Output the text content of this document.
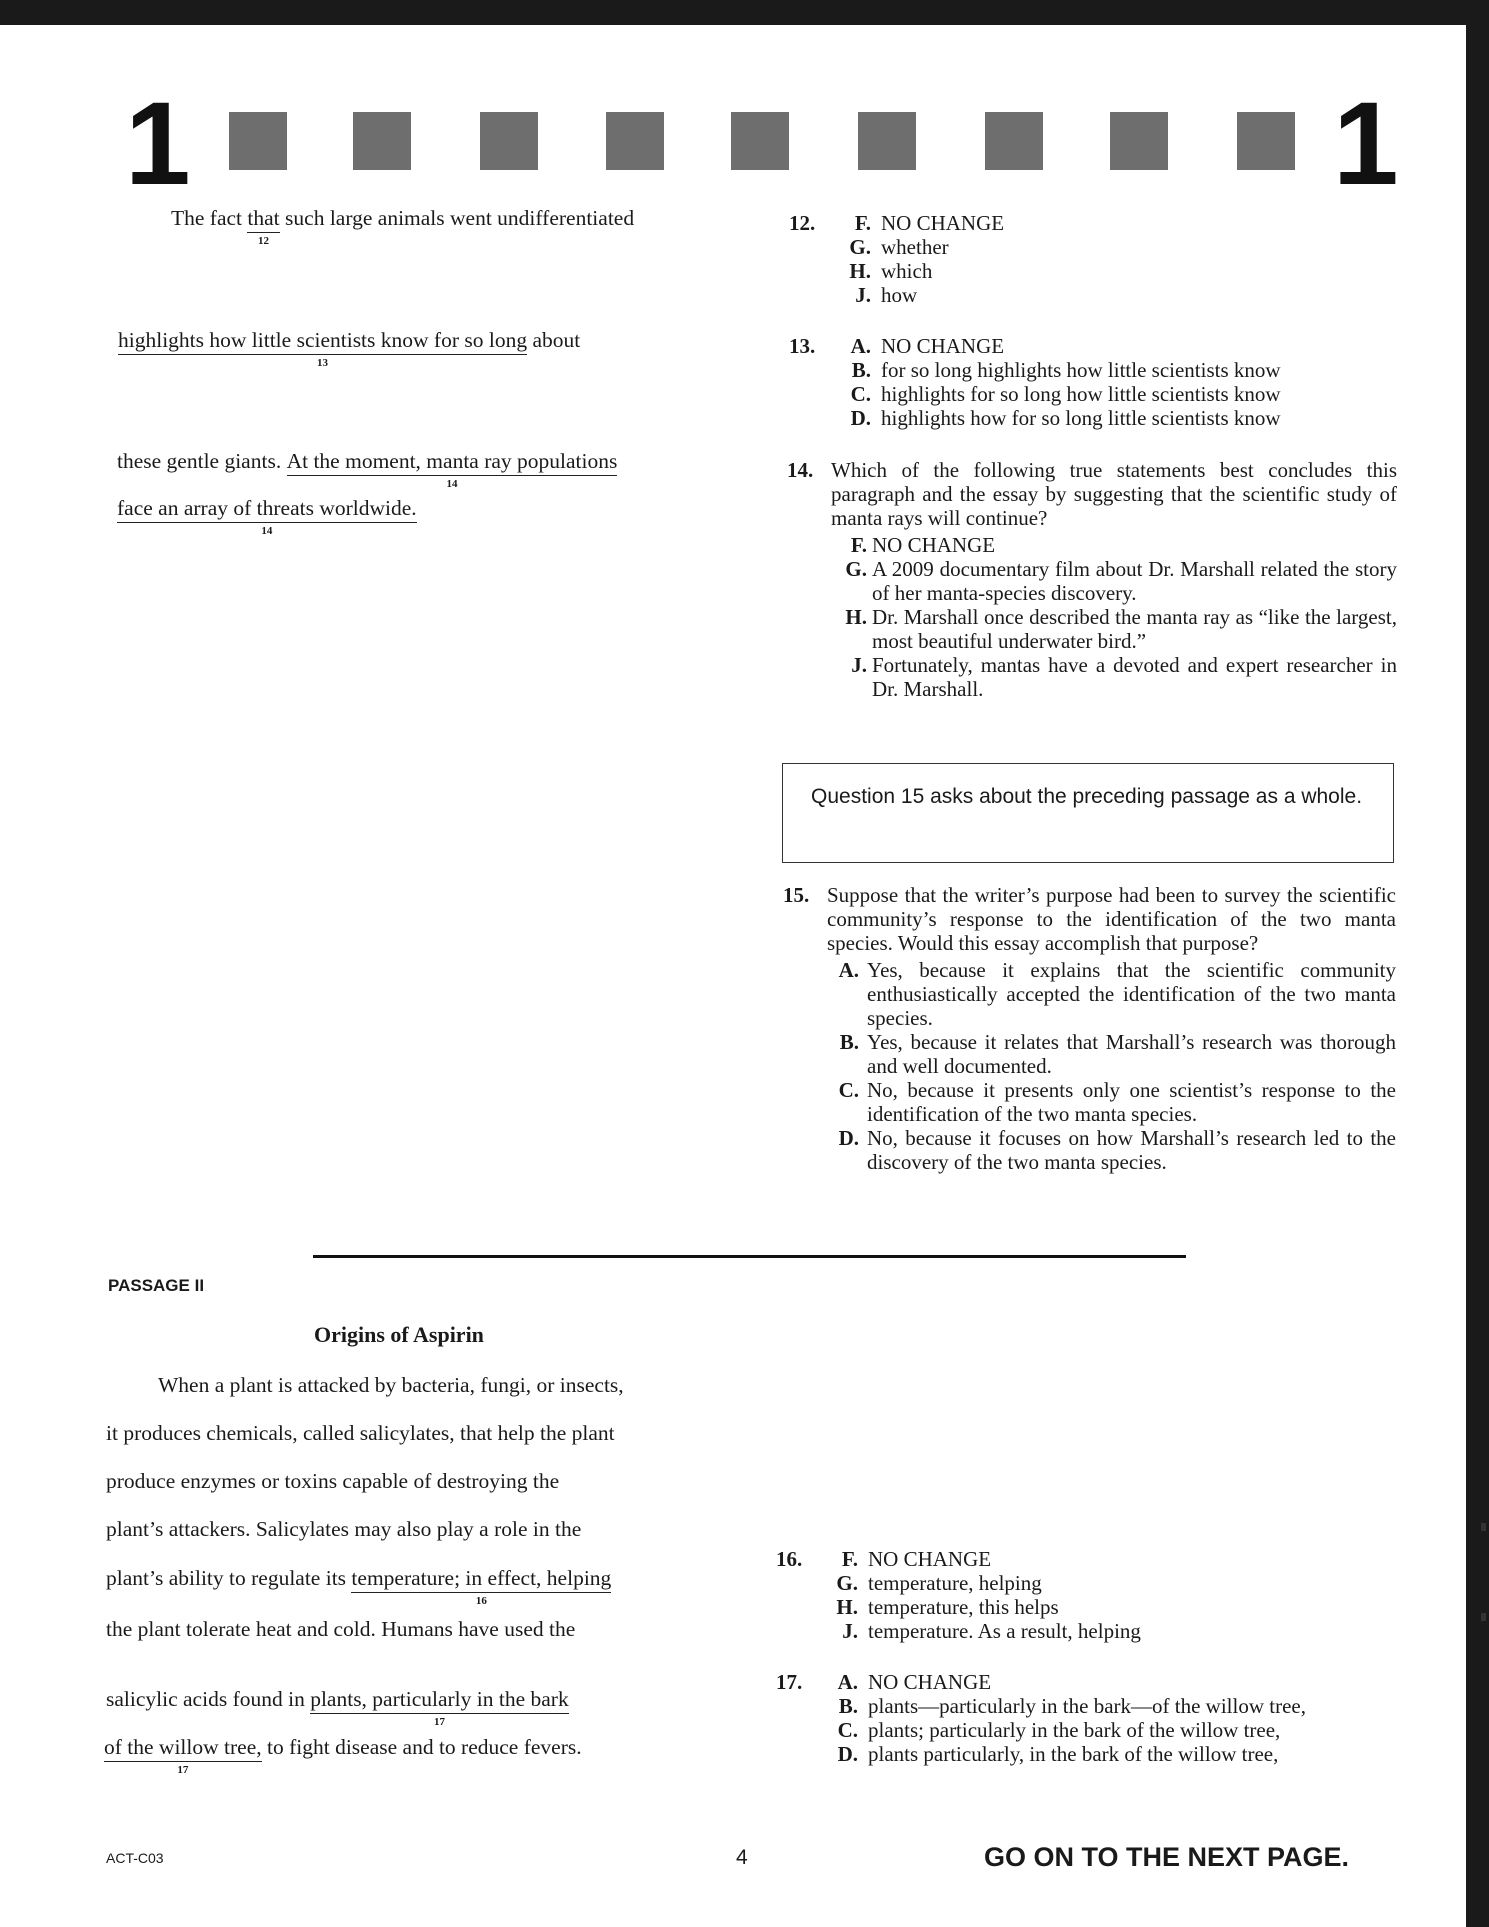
1	1
The fact that
12
such large animals went undifferentiated
highlights how little scientists know for so long
13
about
these gentle giants. At the moment, manta ray populations
14
face an array of threats worldwide.
14
12.	F. NO CHANGE
G. whether
H. which
J. how
13.	A. NO CHANGE
B. for so long highlights how little scientists know
C. highlights for so long how little scientists know
D. highlights how for so long little scientists know
14. Which of the following true statements best concludes this paragraph and the essay by suggesting that the scientific study of manta rays will continue?
F. NO CHANGE
G. A 2009 documentary film about Dr. Marshall related the story of her manta-species discovery.
H. Dr. Marshall once described the manta ray as “like the largest, most beautiful underwater bird.”
J. Fortunately, mantas have a devoted and expert researcher in Dr. Marshall.
Question 15 asks about the preceding passage as a whole.
15. Suppose that the writer’s purpose had been to survey the scientific community’s response to the identification of the two manta species. Would this essay accomplish that purpose?
A. Yes, because it explains that the scientific community enthusiastically accepted the identification of the two manta species.
B. Yes, because it relates that Marshall’s research was thorough and well documented.
C. No, because it presents only one scientist’s response to the identification of the two manta species.
D. No, because it focuses on how Marshall’s research led to the discovery of the two manta species.
PASSAGE II
Origins of Aspirin
When a plant is attacked by bacteria, fungi, or insects,
it produces chemicals, called salicylates, that help the plant
produce enzymes or toxins capable of destroying the
plant’s attackers. Salicylates may also play a role in the
plant’s ability to regulate its temperature; in effect, helping
16
the plant tolerate heat and cold. Humans have used the
salicylic acids found in plants, particularly in the bark
17
of the willow tree,
17
to fight disease and to reduce fevers.
16.	F. NO CHANGE
G. temperature, helping
H. temperature, this helps
J. temperature. As a result, helping
17.	A. NO CHANGE
B. plants—particularly in the bark—of the willow tree,
C. plants; particularly in the bark of the willow tree,
D. plants particularly, in the bark of the willow tree,
ACT-C03	4	GO ON TO THE NEXT PAGE.
